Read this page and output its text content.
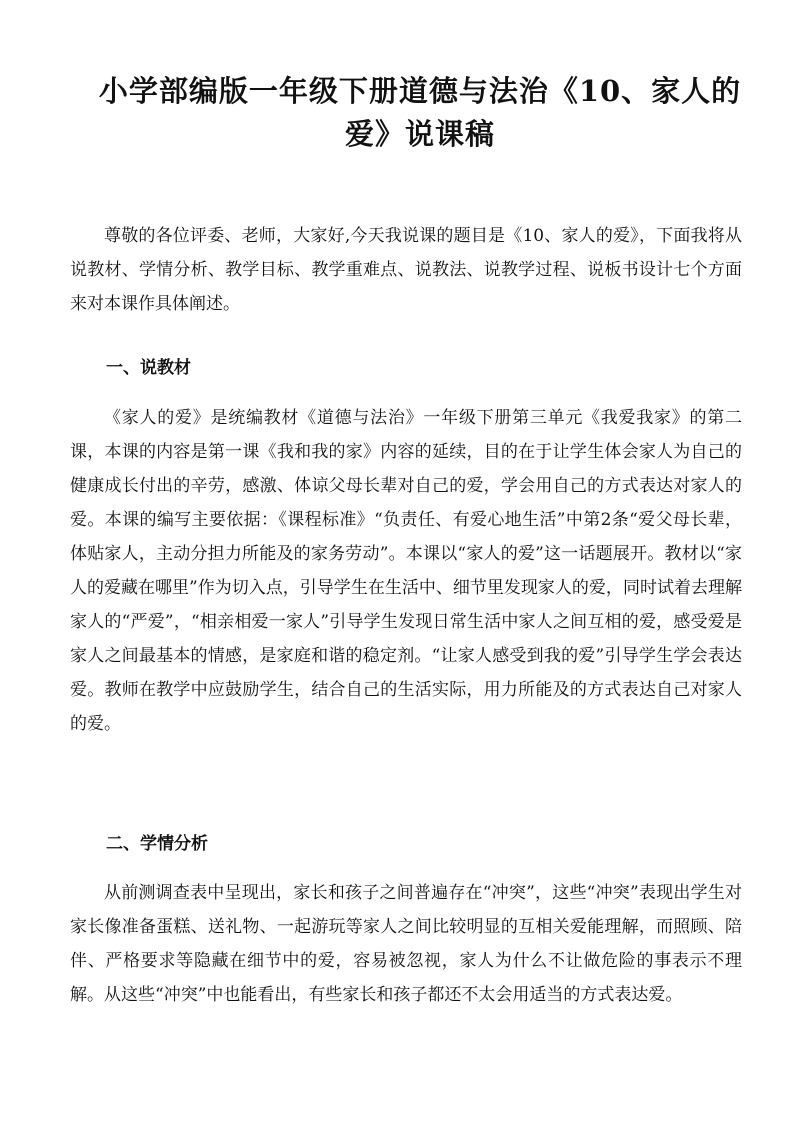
小学部编版一年级下册道德与法治《10、家人的爱》说课稿

尊敬的各位评委、老师，大家好,今天我说课的题目是《10、家人的爱》，下面我将从说教材、学情分析、教学目标、教学重难点、说教法、说教学过程、说板书设计七个方面来对本课作具体阐述。

一、说教材

《家人的爱》是统编教材《道德与法治》一年级下册第三单元《我爱我家》的第二课，本课的内容是第一课《我和我的家》内容的延续，目的在于让学生体会家人为自己的健康成长付出的辛劳，感激、体谅父母长辈对自己的爱，学会用自己的方式表达对家人的爱。本课的编写主要依据：《课程标准》“负责任、有爱心地生活”中第2条“爱父母长辈，体贴家人，主动分担力所能及的家务劳动”。本课以“家人的爱”这一话题展开。教材以“家人的爱藏在哪里”作为切入点，引导学生在生活中、细节里发现家人的爱，同时试着去理解家人的“严爱”，“相亲相爱一家人”引导学生发现日常生活中家人之间互相的爱，感受爱是家人之间最基本的情感，是家庭和谐的稳定剂。“让家人感受到我的爱”引导学生学会表达爱。教师在教学中应鼓励学生，结合自己的生活实际，用力所能及的方式表达自己对家人的爱。

二、学情分析

从前测调查表中呈现出，家长和孩子之间普遍存在“冲突”，这些“冲突”表现出学生对家长像准备蛋糕、送礼物、一起游玩等家人之间比较明显的互相关爱能理解，而照顾、陪伴、严格要求等隐藏在细节中的爱，容易被忽视，家人为什么不让做危险的事表示不理解。从这些“冲突”中也能看出，有些家长和孩子都还不太会用适当的方式表达爱。
